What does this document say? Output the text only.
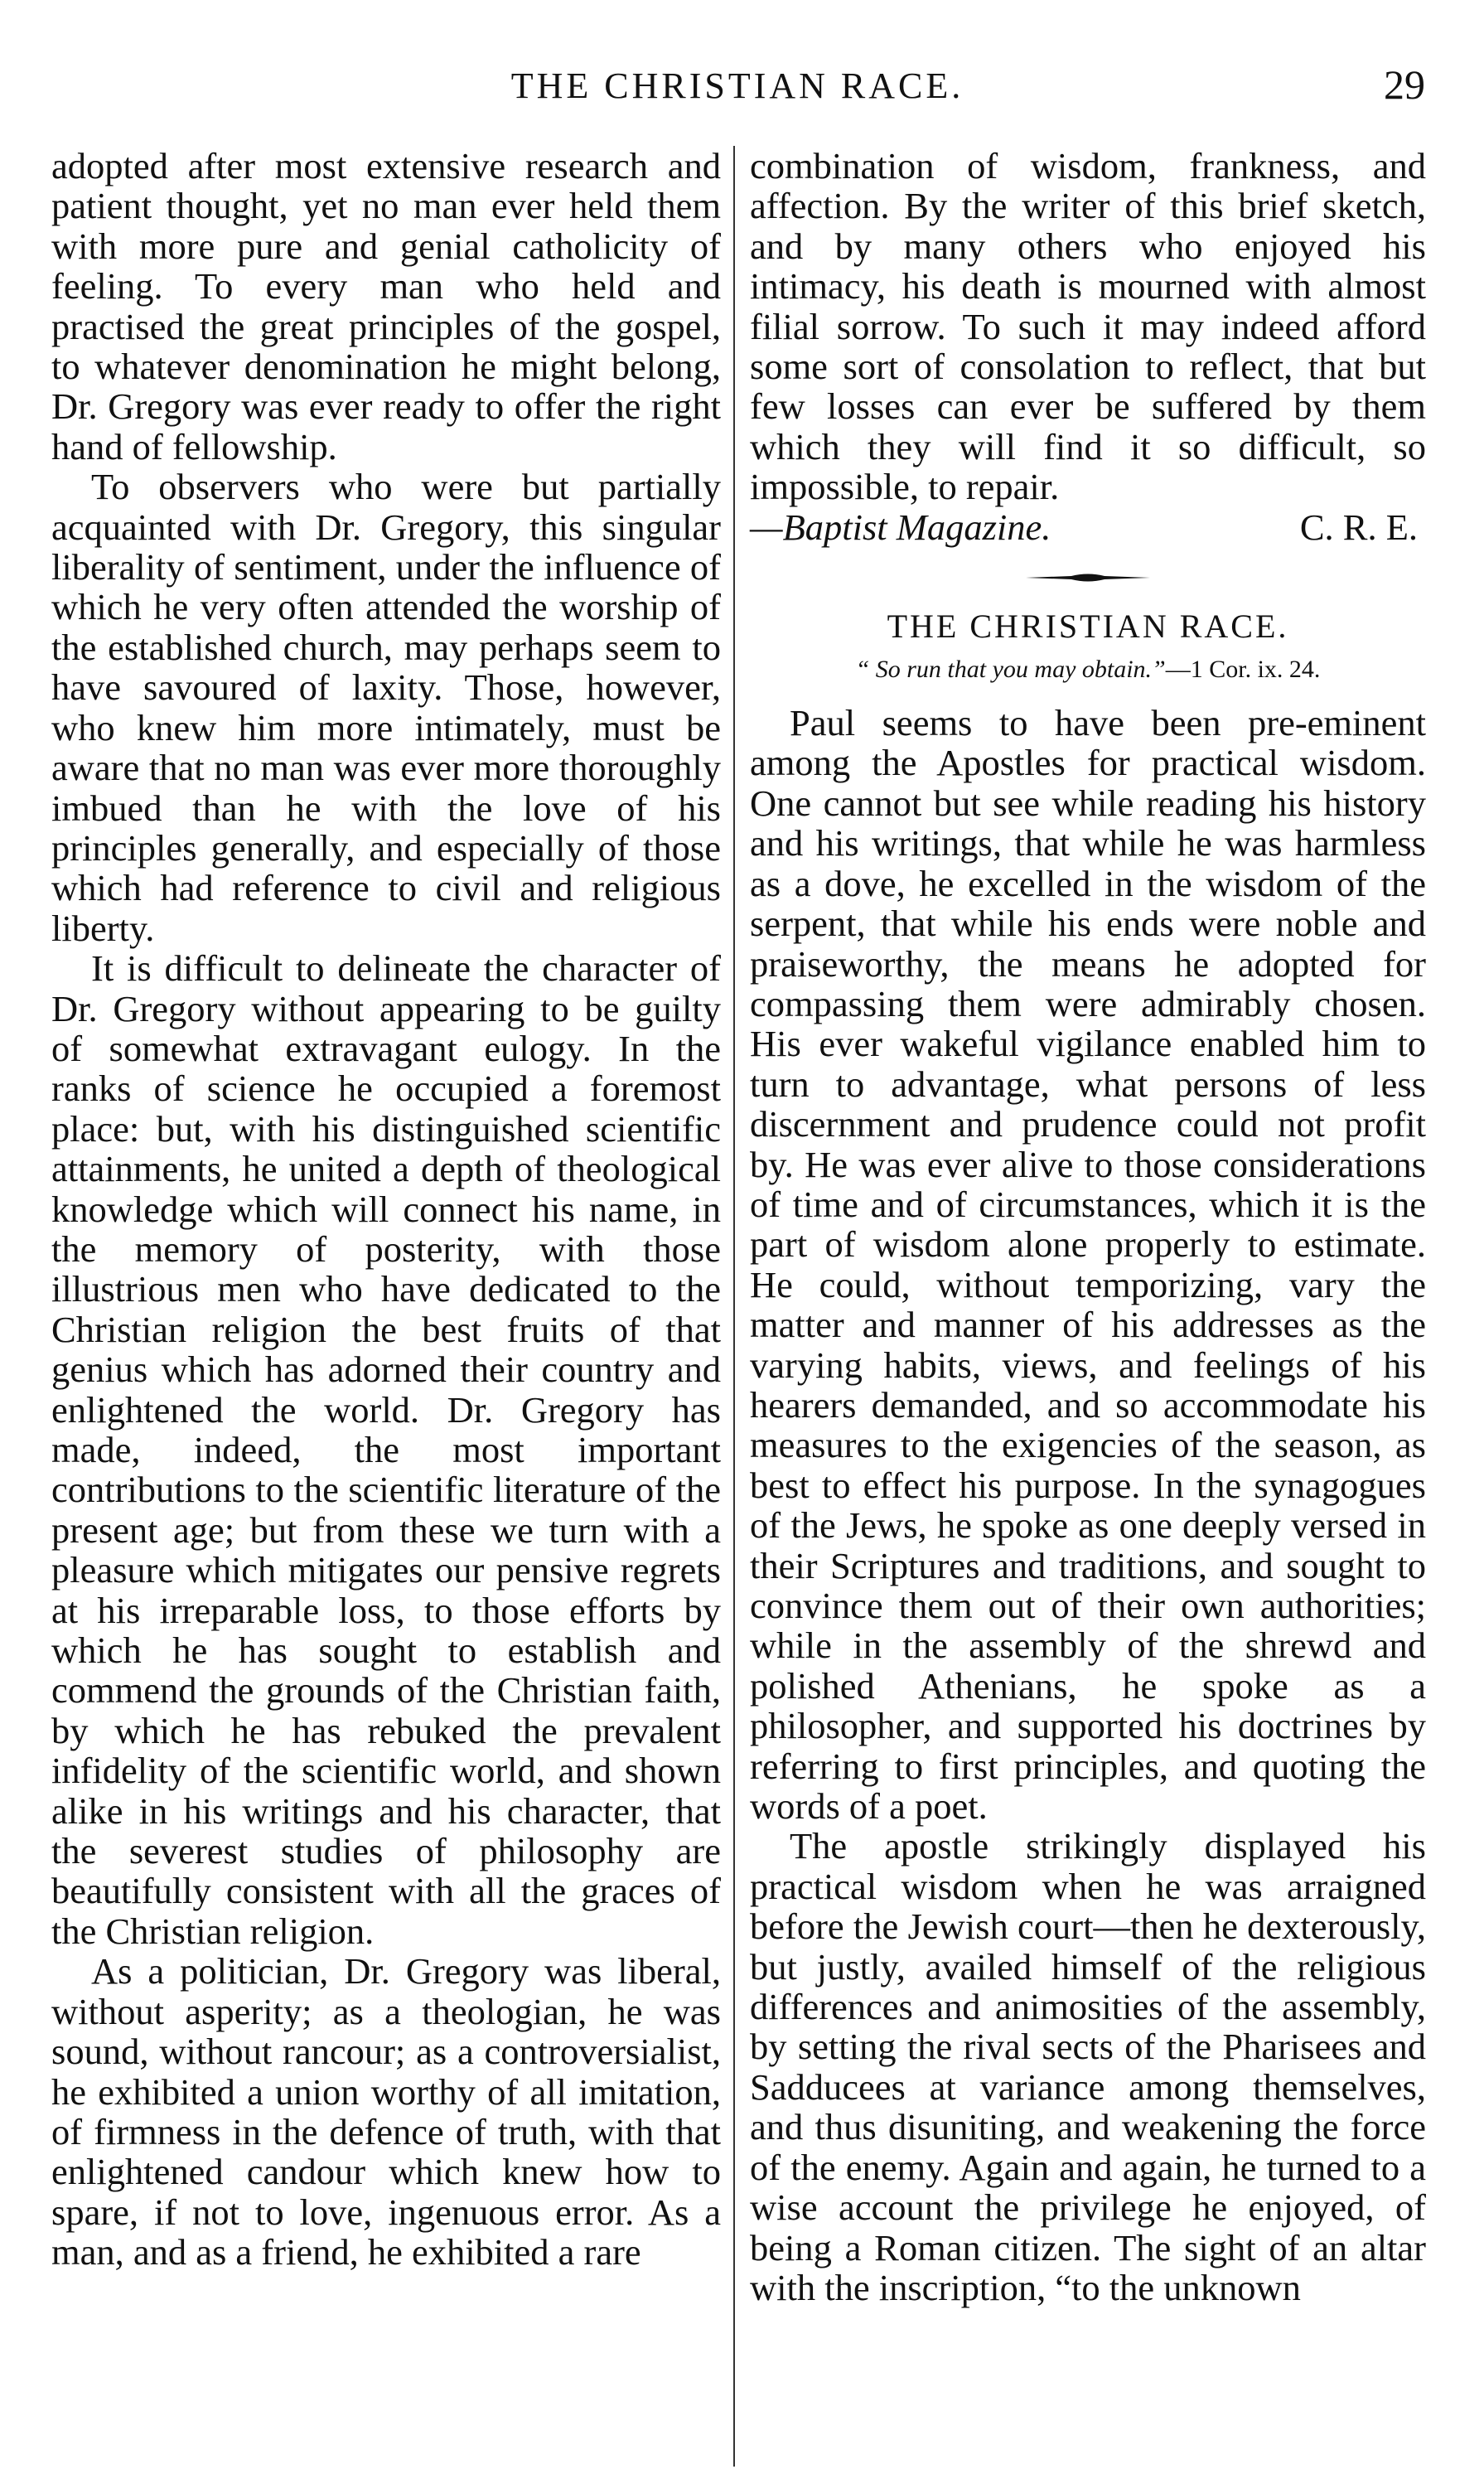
THE CHRISTIAN RACE.	29

adopted after most extensive research and patient thought, yet no man ever held them with more pure and genial catholicity of feeling. To every man who held and practised the great principles of the gospel, to whatever denomination he might belong, Dr. Gregory was ever ready to offer the right hand of fellowship.

To observers who were but partially acquainted with Dr. Gregory, this singular liberality of sentiment, under the influence of which he very often attended the worship of the established church, may perhaps seem to have savoured of laxity. Those, however, who knew him more intimately, must be aware that no man was ever more thoroughly imbued than he with the love of his principles generally, and especially of those which had reference to civil and religious liberty.

It is difficult to delineate the character of Dr. Gregory without appearing to be guilty of somewhat extravagant eulogy. In the ranks of science he occupied a foremost place: but, with his distinguished scientific attainments, he united a depth of theological knowledge which will connect his name, in the memory of posterity, with those illustrious men who have dedicated to the Christian religion the best fruits of that genius which has adorned their country and enlightened the world. Dr. Gregory has made, indeed, the most important contributions to the scientific literature of the present age; but from these we turn with a pleasure which mitigates our pensive regrets at his irreparable loss, to those efforts by which he has sought to establish and commend the grounds of the Christian faith, by which he has rebuked the prevalent infidelity of the scientific world, and shown alike in his writings and his character, that the severest studies of philosophy are beautifully consistent with all the graces of the Christian religion.

As a politician, Dr. Gregory was liberal, without asperity; as a theologian, he was sound, without rancour; as a controversialist, he exhibited a union worthy of all imitation, of firmness in the defence of truth, with that enlightened candour which knew how to spare, if not to love, ingenuous error. As a man, and as a friend, he exhibited a rare

combination of wisdom, frankness, and affection. By the writer of this brief sketch, and by many others who enjoyed his intimacy, his death is mourned with almost filial sorrow. To such it may indeed afford some sort of consolation to reflect, that but few losses can ever be suffered by them which they will find it so difficult, so impossible, to repair.

—Baptist Magazine.	C. R. E.
THE CHRISTIAN RACE.
“ So run that you may obtain.”—1 Cor. ix. 24.

Paul seems to have been pre-eminent among the Apostles for practical wisdom. One cannot but see while reading his history and his writings, that while he was harmless as a dove, he excelled in the wisdom of the serpent, that while his ends were noble and praiseworthy, the means he adopted for compassing them were admirably chosen. His ever wakeful vigilance enabled him to turn to advantage, what persons of less discernment and prudence could not profit by. He was ever alive to those considerations of time and of circumstances, which it is the part of wisdom alone properly to estimate. He could, without temporizing, vary the matter and manner of his addresses as the varying habits, views, and feelings of his hearers demanded, and so accommodate his measures to the exigencies of the season, as best to effect his purpose. In the synagogues of the Jews, he spoke as one deeply versed in their Scriptures and traditions, and sought to convince them out of their own authorities; while in the assembly of the shrewd and polished Athenians, he spoke as a philosopher, and supported his doctrines by referring to first principles, and quoting the words of a poet.

The apostle strikingly displayed his practical wisdom when he was arraigned before the Jewish court—then he dexterously, but justly, availed himself of the religious differences and animosities of the assembly, by setting the rival sects of the Pharisees and Sadducees at variance among themselves, and thus disuniting, and weakening the force of the enemy. Again and again, he turned to a wise account the privilege he enjoyed, of being a Roman citizen. The sight of an altar with the inscription, “to the unknown
